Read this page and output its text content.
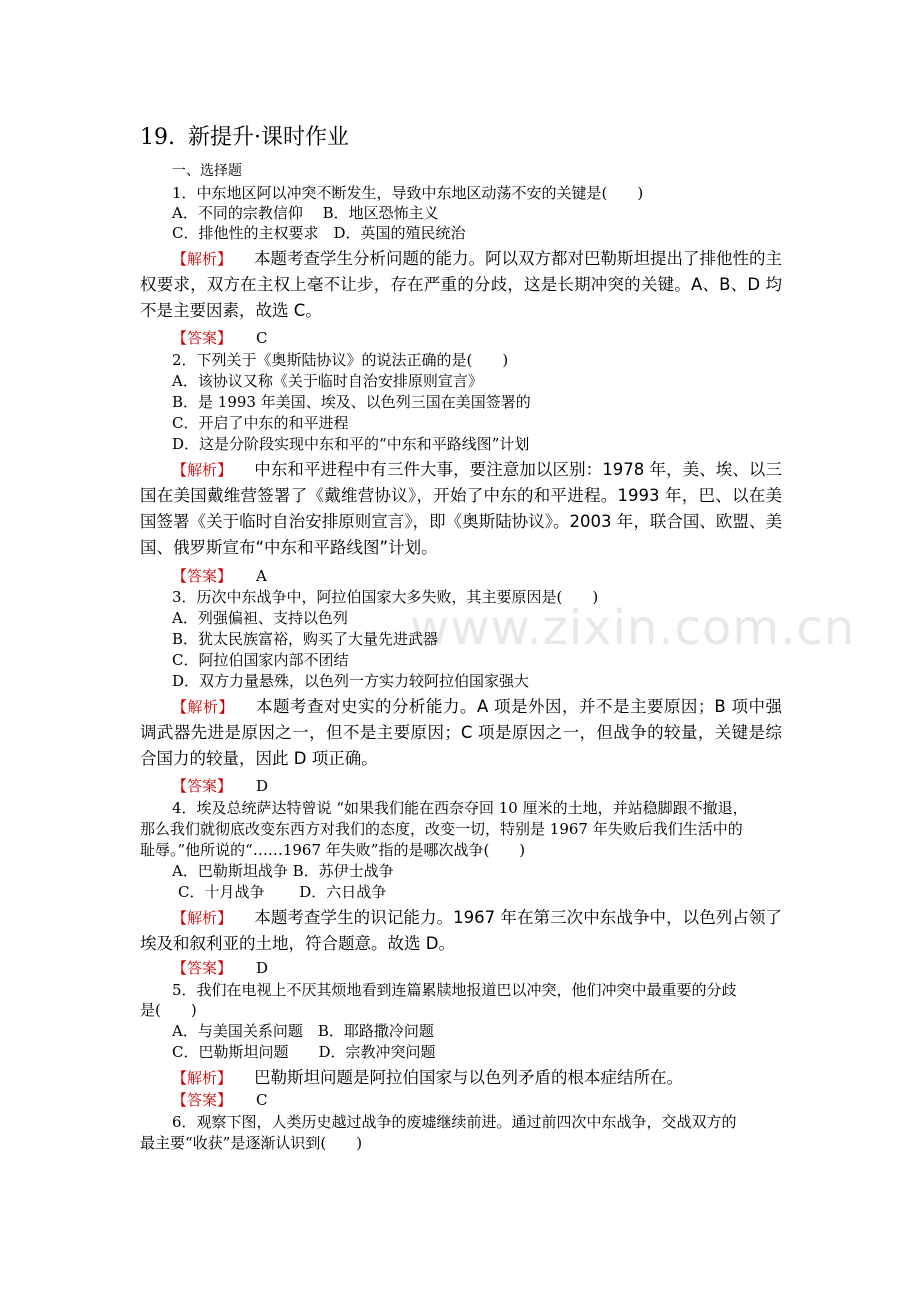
www.zixin.com.cn
19. 新提升·课时作业
一、选择题
1．中东地区阿以冲突不断发生，导致中东地区动荡不安的关键是(　　)
A．不同的宗教信仰　 B．地区恐怖主义
C．排他性的主权要求　D．英国的殖民统治
【解析】 本题考查学生分析问题的能力。阿以双方都对巴勒斯坦提出了排他性的主权要求，双方在主权上毫不让步，存在严重的分歧，这是长期冲突的关键。A、B、D 均不是主要因素，故选 C。
【答案】 C
2．下列关于《奥斯陆协议》的说法正确的是(　　)
A．该协议又称《关于临时自治安排原则宣言》
B．是 1993 年美国、埃及、以色列三国在美国签署的
C．开启了中东的和平进程
D．这是分阶段实现中东和平的“中东和平路线图”计划
【解析】 中东和平进程中有三件大事，要注意加以区别：1978 年，美、埃、以三国在美国戴维营签署了《戴维营协议》，开始了中东的和平进程。1993 年，巴、以在美国签署《关于临时自治安排原则宣言》，即《奥斯陆协议》。2003 年，联合国、欧盟、美国、俄罗斯宣布“中东和平路线图”计划。
【答案】 A
3．历次中东战争中，阿拉伯国家大多失败，其主要原因是(　　)
A．列强偏袒、支持以色列
B．犹太民族富裕，购买了大量先进武器
C．阿拉伯国家内部不团结
D．双方力量悬殊，以色列一方实力较阿拉伯国家强大
【解析】 本题考查对史实的分析能力。A 项是外因，并不是主要原因；B 项中强调武器先进是原因之一，但不是主要原因；C 项是原因之一，但战争的较量，关键是综合国力的较量，因此 D 项正确。
【答案】 D
4．埃及总统萨达特曾说 “如果我们能在西奈夺回 10 厘米的土地，并站稳脚跟不撤退，
那么我们就彻底改变东西方对我们的态度，改变一切，特别是 1967 年失败后我们生活中的
耻辱。”他所说的“……1967 年失败”指的是哪次战争(　　)
A．巴勒斯坦战争 B．苏伊士战争
C．十月战争　　 D．六日战争
【解析】 本题考查学生的识记能力。1967 年在第三次中东战争中，以色列占领了埃及和叙利亚的土地，符合题意。故选 D。
【答案】 D
5．我们在电视上不厌其烦地看到连篇累牍地报道巴以冲突，他们冲突中最重要的分歧
是(　　)
A．与美国关系问题　B．耶路撒冷问题
C．巴勒斯坦问题　　D．宗教冲突问题
【解析】 巴勒斯坦问题是阿拉伯国家与以色列矛盾的根本症结所在。
【答案】 C
6．观察下图，人类历史越过战争的废墟继续前进。通过前四次中东战争，交战双方的
最主要“收获”是逐渐认识到(　　)
